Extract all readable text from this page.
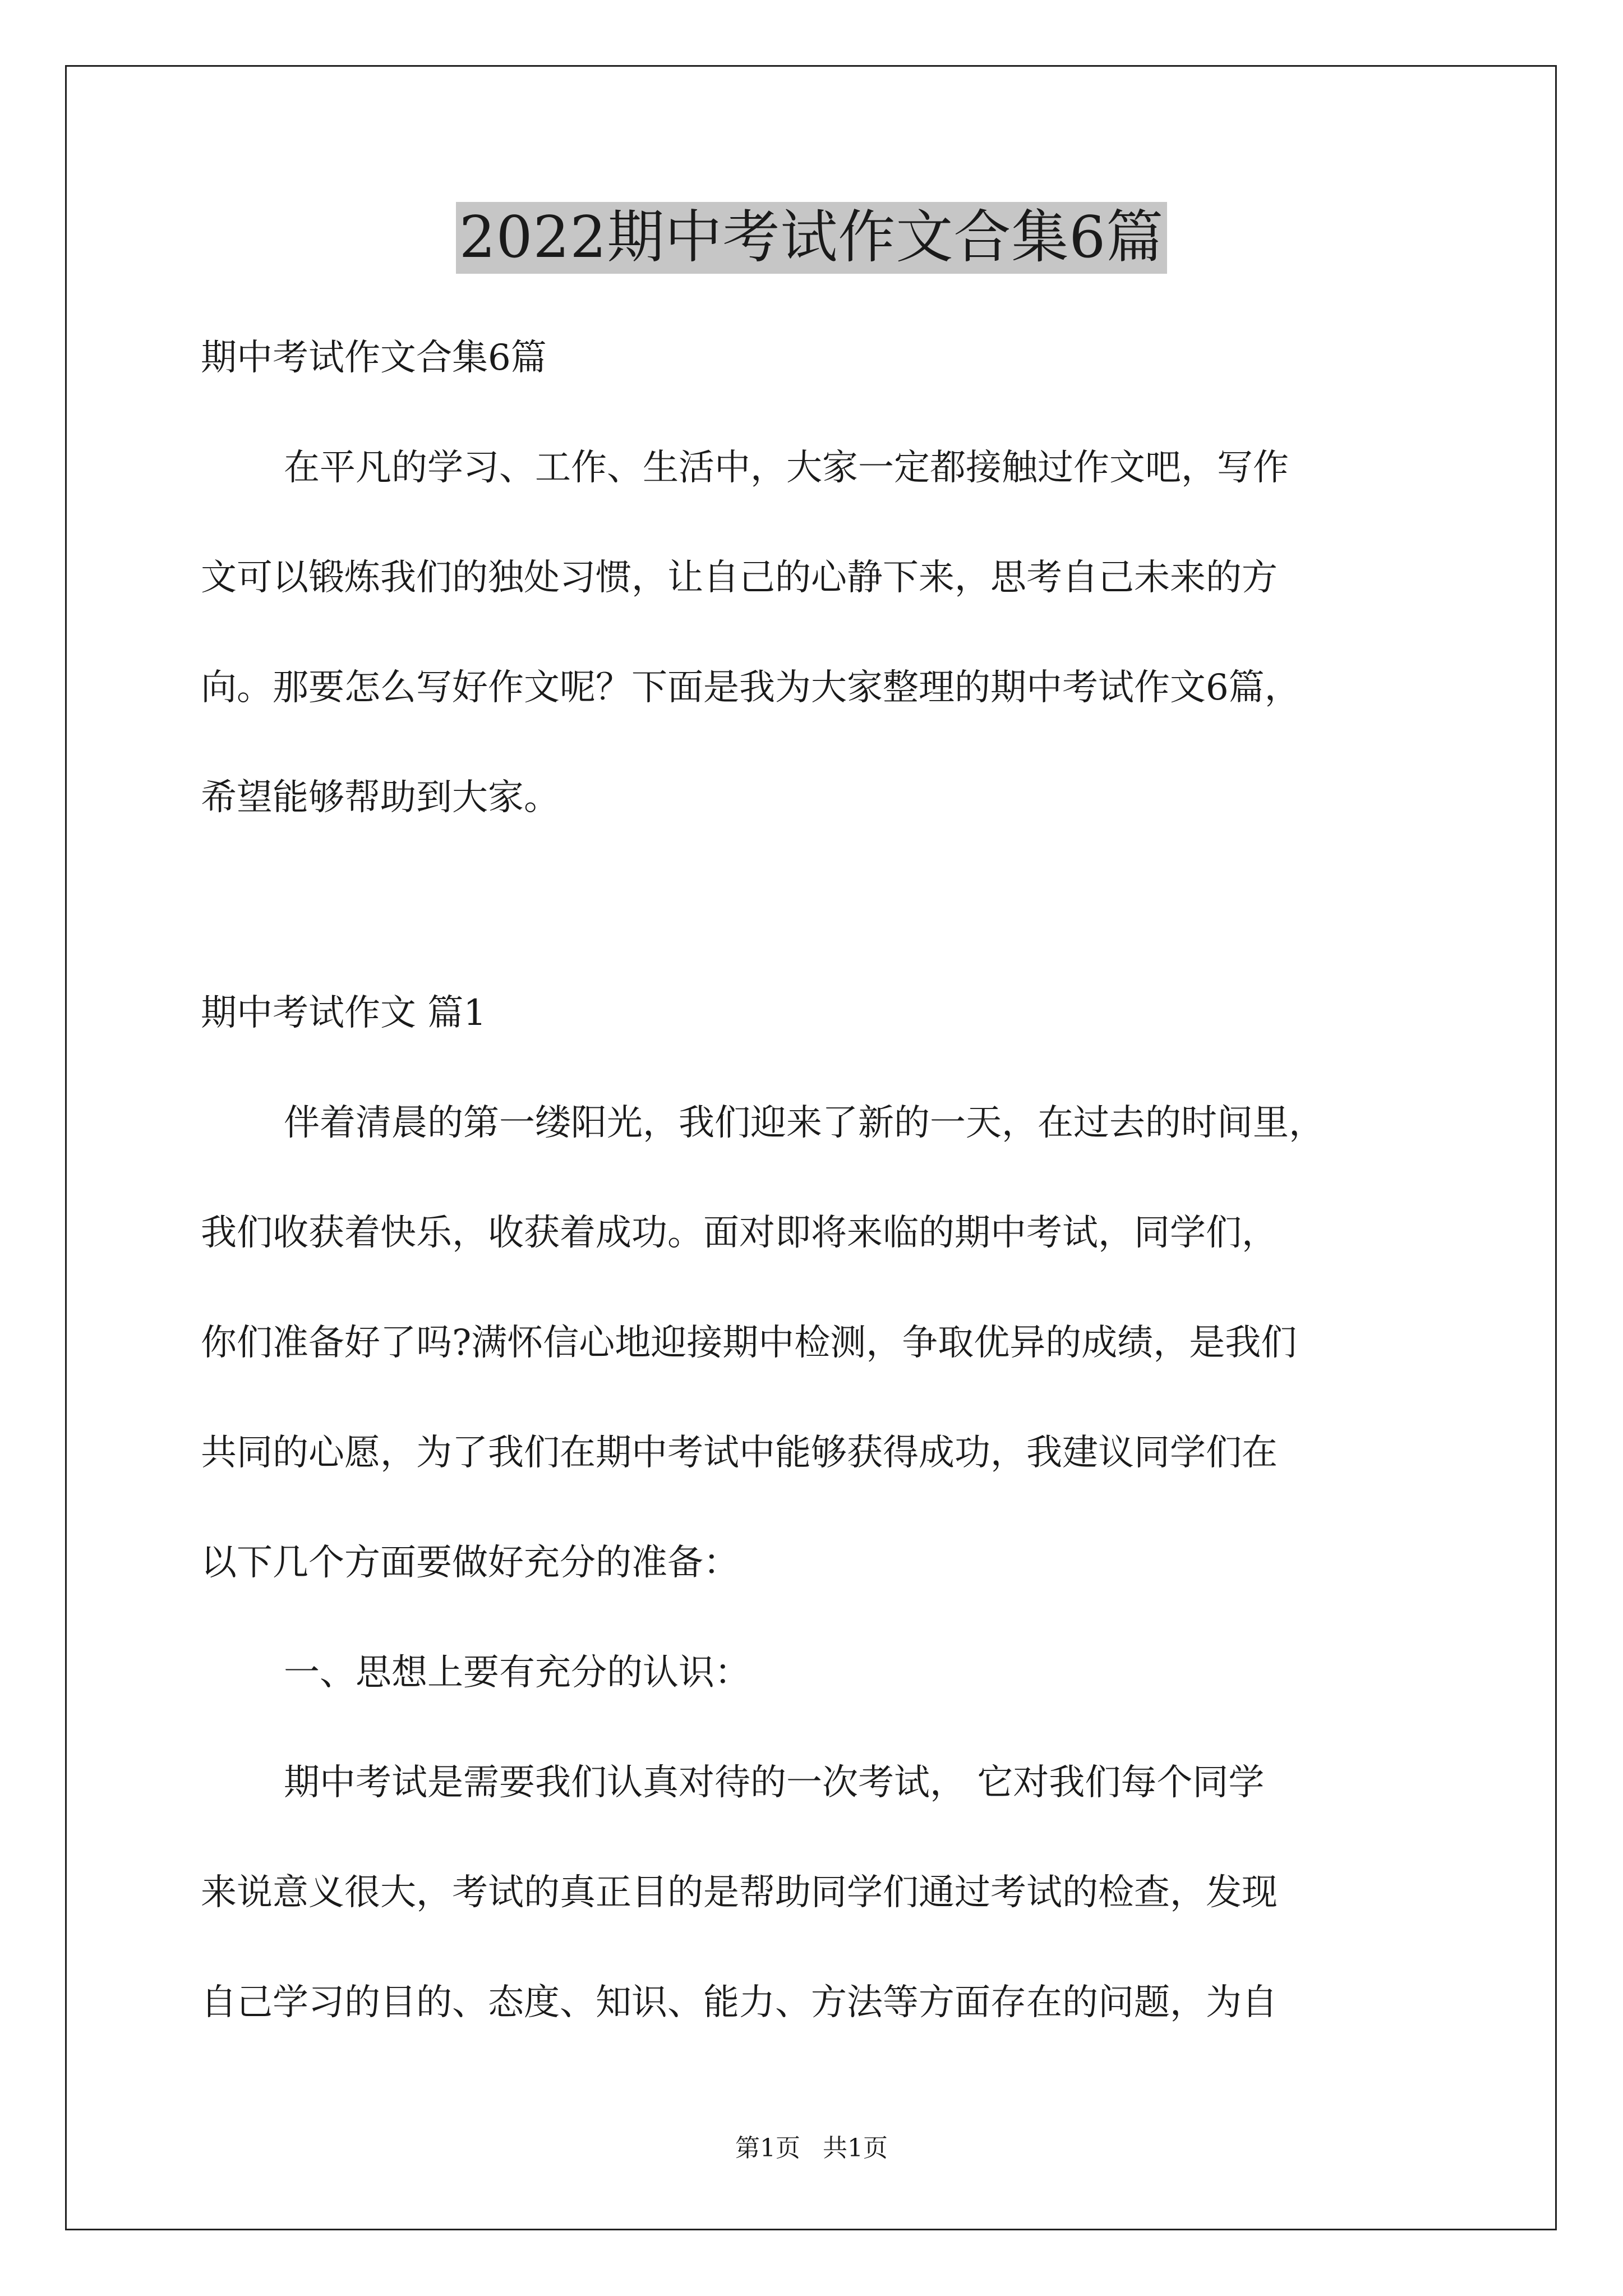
2022期中考试作文合集6篇
期中考试作文合集6篇
在平凡的学习、工作、生活中，大家一定都接触过作文吧，写作
文可以锻炼我们的独处习惯，让自己的心静下来，思考自己未来的方
向。那要怎么写好作文呢？下面是我为大家整理的期中考试作文6篇，
希望能够帮助到大家。
期中考试作文 篇1
伴着清晨的第一缕阳光，我们迎来了新的一天，在过去的时间里，
我们收获着快乐，收获着成功。面对即将来临的期中考试，同学们，
你们准备好了吗?满怀信心地迎接期中检测，争取优异的成绩，是我们
共同的心愿，为了我们在期中考试中能够获得成功，我建议同学们在
以下几个方面要做好充分的准备：
一、思想上要有充分的认识：
期中考试是需要我们认真对待的一次考试， 它对我们每个同学
来说意义很大，考试的真正目的是帮助同学们通过考试的检查，发现
自己学习的目的、态度、知识、能力、方法等方面存在的问题，为自
第1页 共1页
